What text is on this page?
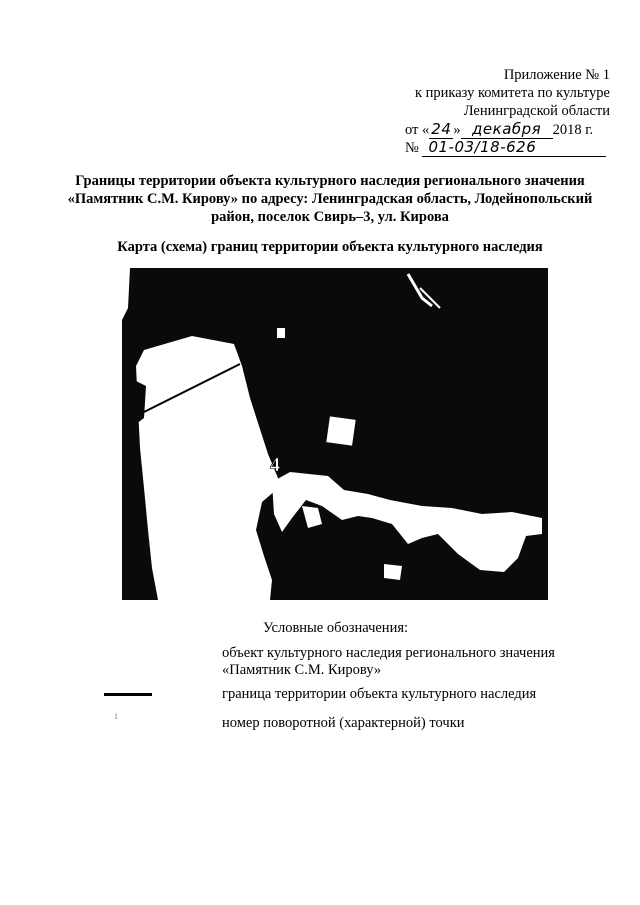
Приложение № 1
к приказу комитета по культуре
Ленинградской области
от « 24 » декабря 2018 г.
№ 01-03/18-626
Границы территории объекта культурного наследия регионального значения
«Памятник С.М. Кирову» по адресу: Ленинградская область, Лодейнопольский
район, поселок Свирь–3, ул. Кирова
Карта (схема) границ территории объекта культурного наследия
4
Условные обозначения:
объект культурного наследия регионального значения
«Памятник С.М. Кирову»
граница территории объекта культурного наследия
1	номер поворотной (характерной) точки
